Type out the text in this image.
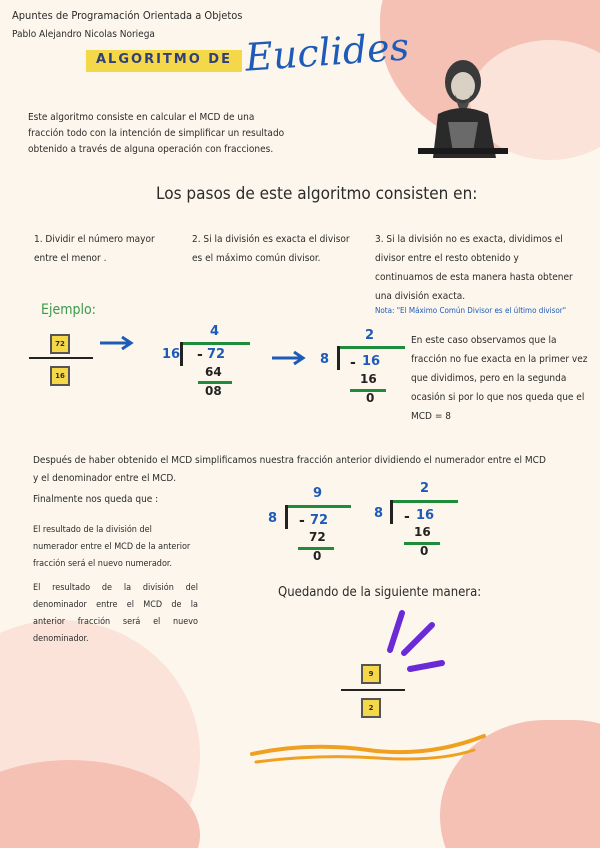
Apuntes de Programación Orientada a Objetos
Pablo Alejandro Nicolas Noriega
ALGORITMO DE Euclides
Este algoritmo consiste en calcular el MCD de una fracción todo con la intención de simplificar un resultado obtenido a través de alguna operación con fracciones.
Los pasos de este algoritmo consisten en:
1. Dividir el número mayor entre el menor .
2. Si la división es exacta el divisor es el máximo común divisor.
3. Si la división no es exacta, dividimos el divisor entre el resto obtenido y continuamos de esta manera hasta obtener una división exacta.
Nota: "El Máximo Común Divisor es el último divisor"
Ejemplo:
72
16
4
16 - 72
64
08
2
8 - 16
16
0
En este caso observamos que la fracción no fue exacta en la primer vez que dividimos, pero en la segunda ocasión si por lo que nos queda que el MCD = 8
Después de haber obtenido el MCD simplificamos nuestra fracción anterior dividiendo el numerador entre el MCD y el denominador entre el MCD.
Finalmente nos queda que :
El resultado de la división del numerador entre el MCD de la anterior fracción será el nuevo numerador.
El resultado de la división del denominador entre el MCD de la anterior fracción será el nuevo denominador.
9
8 - 72
72
0
2
8 - 16
16
0
Quedando de la siguiente manera:
9
2
